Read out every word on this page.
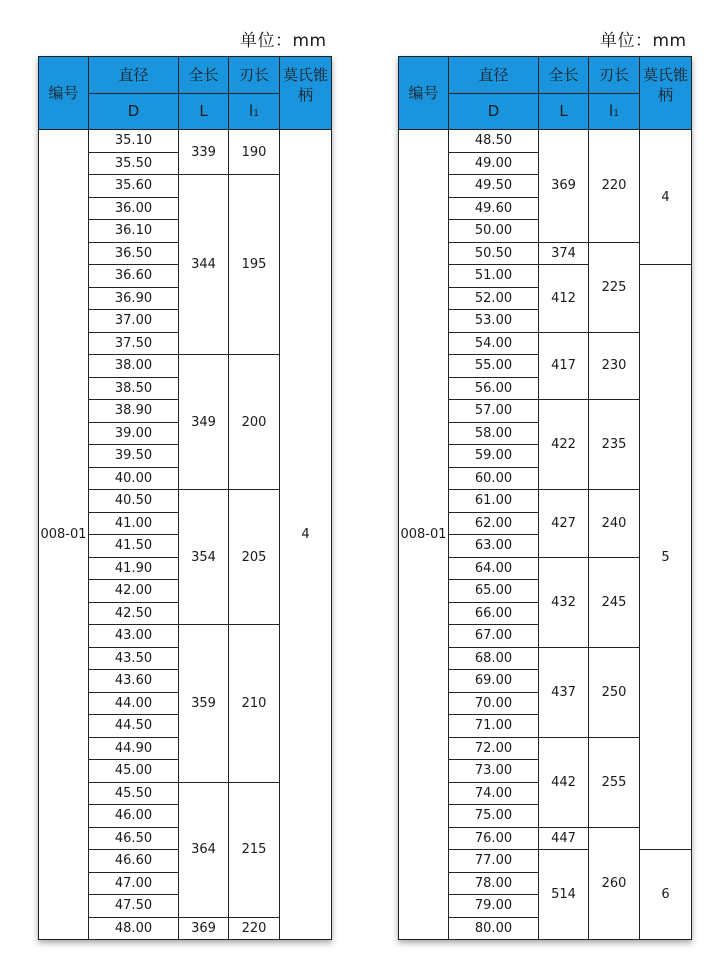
单位：mm	单位：mm
编号	直径	全长	刃长	莫氏锥柄
	D	L	l1	
008-01	35.10	339	190	4
	35.50			
	35.60	344	195	
	36.00			
	36.10			
	36.50			
	36.60			
	36.90			
	37.00			
	37.50			
	38.00	349	200	
	38.50			
	38.90			
	39.00			
	39.50			
	40.00			
	40.50	354	205	
	41.00			
	41.50			
	41.90			
	42.00			
	42.50			
	43.00	359	210	
	43.50			
	43.60			
	44.00			
	44.50			
	44.90			
	45.00			
	45.50	364	215	
	46.00			
	46.50			
	46.60			
	47.00			
	47.50			
	48.00	369	220	
编号	直径	全长	刃长	莫氏锥柄
	D	L	l1	
008-01	48.50	369	220	4
	49.00			
	49.50			
	49.60			
	50.00			
	50.50	374	225	
	51.00	412		5
	52.00			
	53.00			
	54.00	417	230	
	55.00			
	56.00			
	57.00	422	235	
	58.00			
	59.00			
	60.00			
	61.00	427	240	
	62.00			
	63.00			
	64.00	432	245	
	65.00			
	66.00			
	67.00			
	68.00	437	250	
	69.00			
	70.00			
	71.00			
	72.00	442	255	
	73.00			
	74.00			
	75.00			
	76.00	447	260	
	77.00	514		6
	78.00			
	79.00			
	80.00			
